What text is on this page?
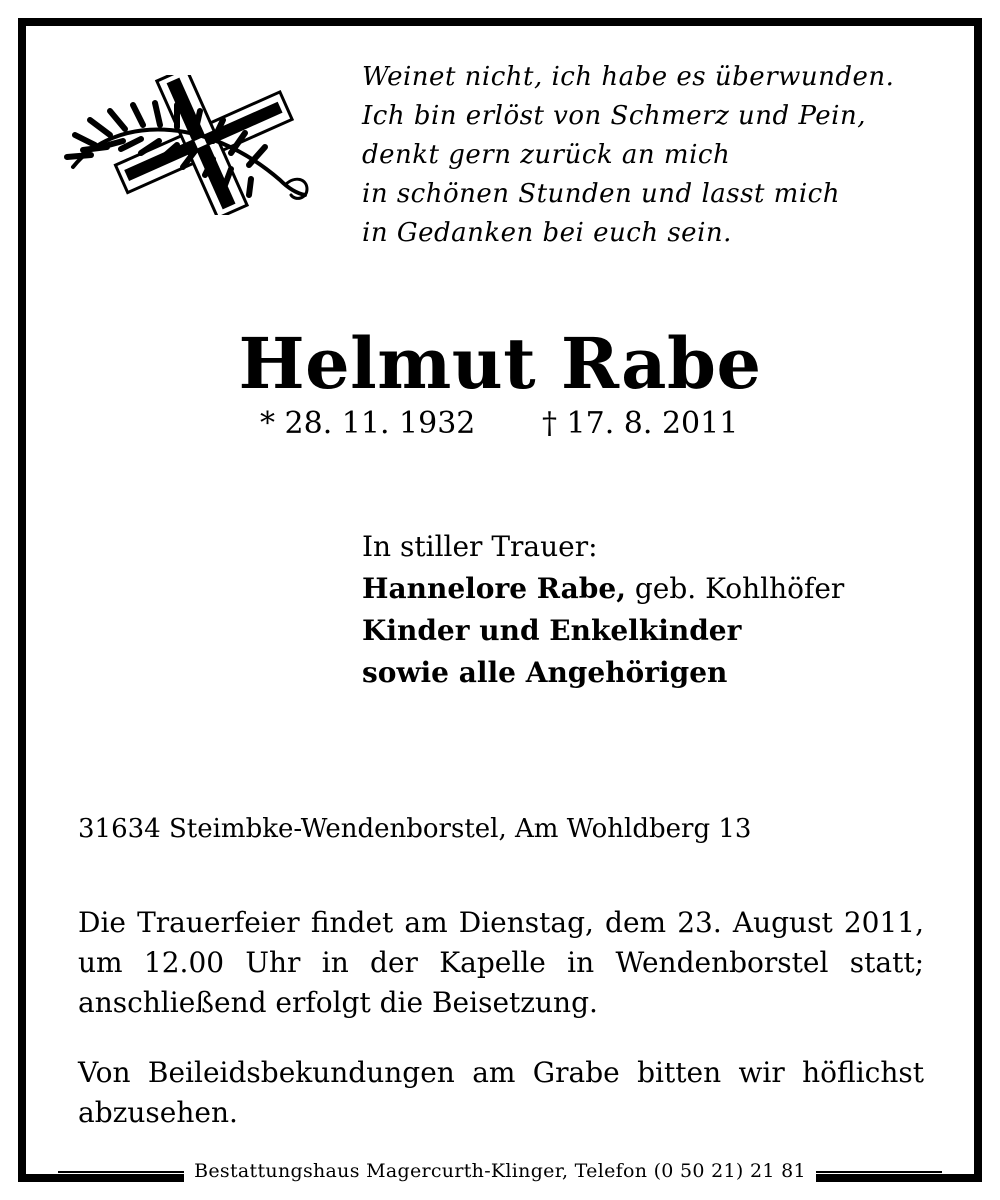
Weinet nicht, ich habe es überwunden.
Ich bin erlöst von Schmerz und Pein,
denkt gern zurück an mich
in schönen Stunden und lasst mich
in Gedanken bei euch sein.
Helmut Rabe
* 28. 11. 1932 † 17. 8. 2011
In stiller Trauer:
Hannelore Rabe, geb. Kohlhöfer
Kinder und Enkelkinder
sowie alle Angehörigen
31634 Steimbke-Wendenborstel, Am Wohldberg 13
Die Trauerfeier findet am Dienstag, dem 23. August 2011, um 12.00 Uhr in der Kapelle in Wendenborstel statt; anschließend erfolgt die Beisetzung.
Von Beileidsbekundungen am Grabe bitten wir höflichst abzusehen.
Bestattungshaus Magercurth-Klinger, Telefon (0 50 21) 21 81
